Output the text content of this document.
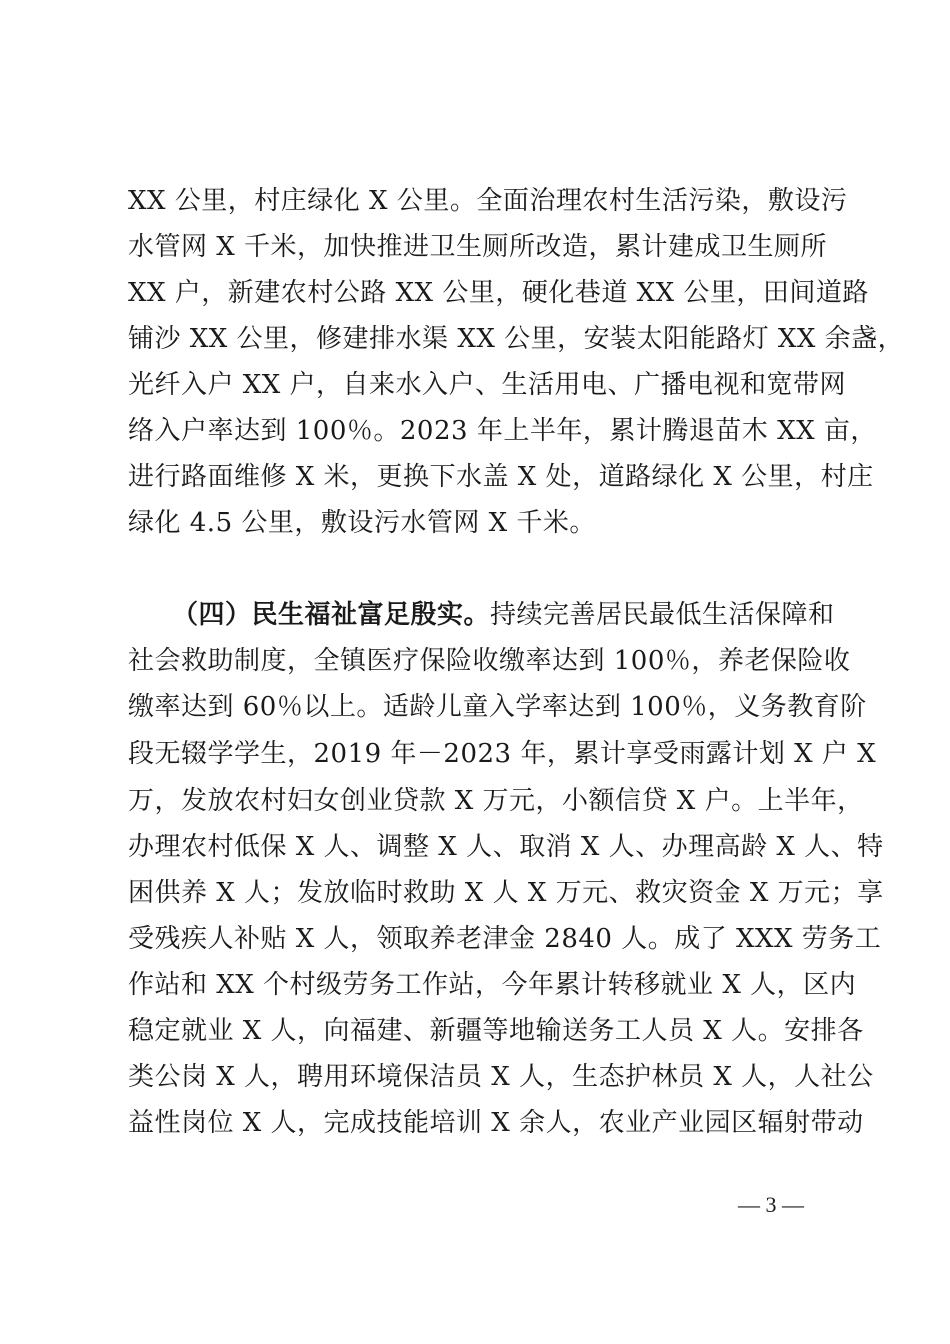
XX 公里，村庄绿化 X 公里。全面治理农村生活污染，敷设污
水管网 X 千米，加快推进卫生厕所改造，累计建成卫生厕所
XX 户，新建农村公路 XX 公里，硬化巷道 XX 公里，田间道路
铺沙 XX 公里，修建排水渠 XX 公里，安装太阳能路灯 XX 余盏，
光纤入户 XX 户，自来水入户、生活用电、广播电视和宽带网
络入户率达到 100％。2023 年上半年，累计腾退苗木 XX 亩，
进行路面维修 X 米，更换下水盖 X 处，道路绿化 X 公里，村庄
绿化 4.5 公里，敷设污水管网 X 千米。
（四）民生福祉富足殷实。持续完善居民最低生活保障和
社会救助制度，全镇医疗保险收缴率达到 100％，养老保险收
缴率达到 60％以上。适龄儿童入学率达到 100％，义务教育阶
段无辍学学生，2019 年－2023 年，累计享受雨露计划 X 户 X
万，发放农村妇女创业贷款 X 万元，小额信贷 X 户。上半年，
办理农村低保 X 人、调整 X 人、取消 X 人、办理高龄 X 人、特
困供养 X 人；发放临时救助 X 人 X 万元、救灾资金 X 万元；享
受残疾人补贴 X 人，领取养老津金 2840 人。成了 XXX 劳务工
作站和 XX 个村级劳务工作站，今年累计转移就业 X 人，区内
稳定就业 X 人，向福建、新疆等地输送务工人员 X 人。安排各
类公岗 X 人，聘用环境保洁员 X 人，生态护林员 X 人，人社公
益性岗位 X 人，完成技能培训 X 余人，农业产业园区辐射带动
— 3 —
